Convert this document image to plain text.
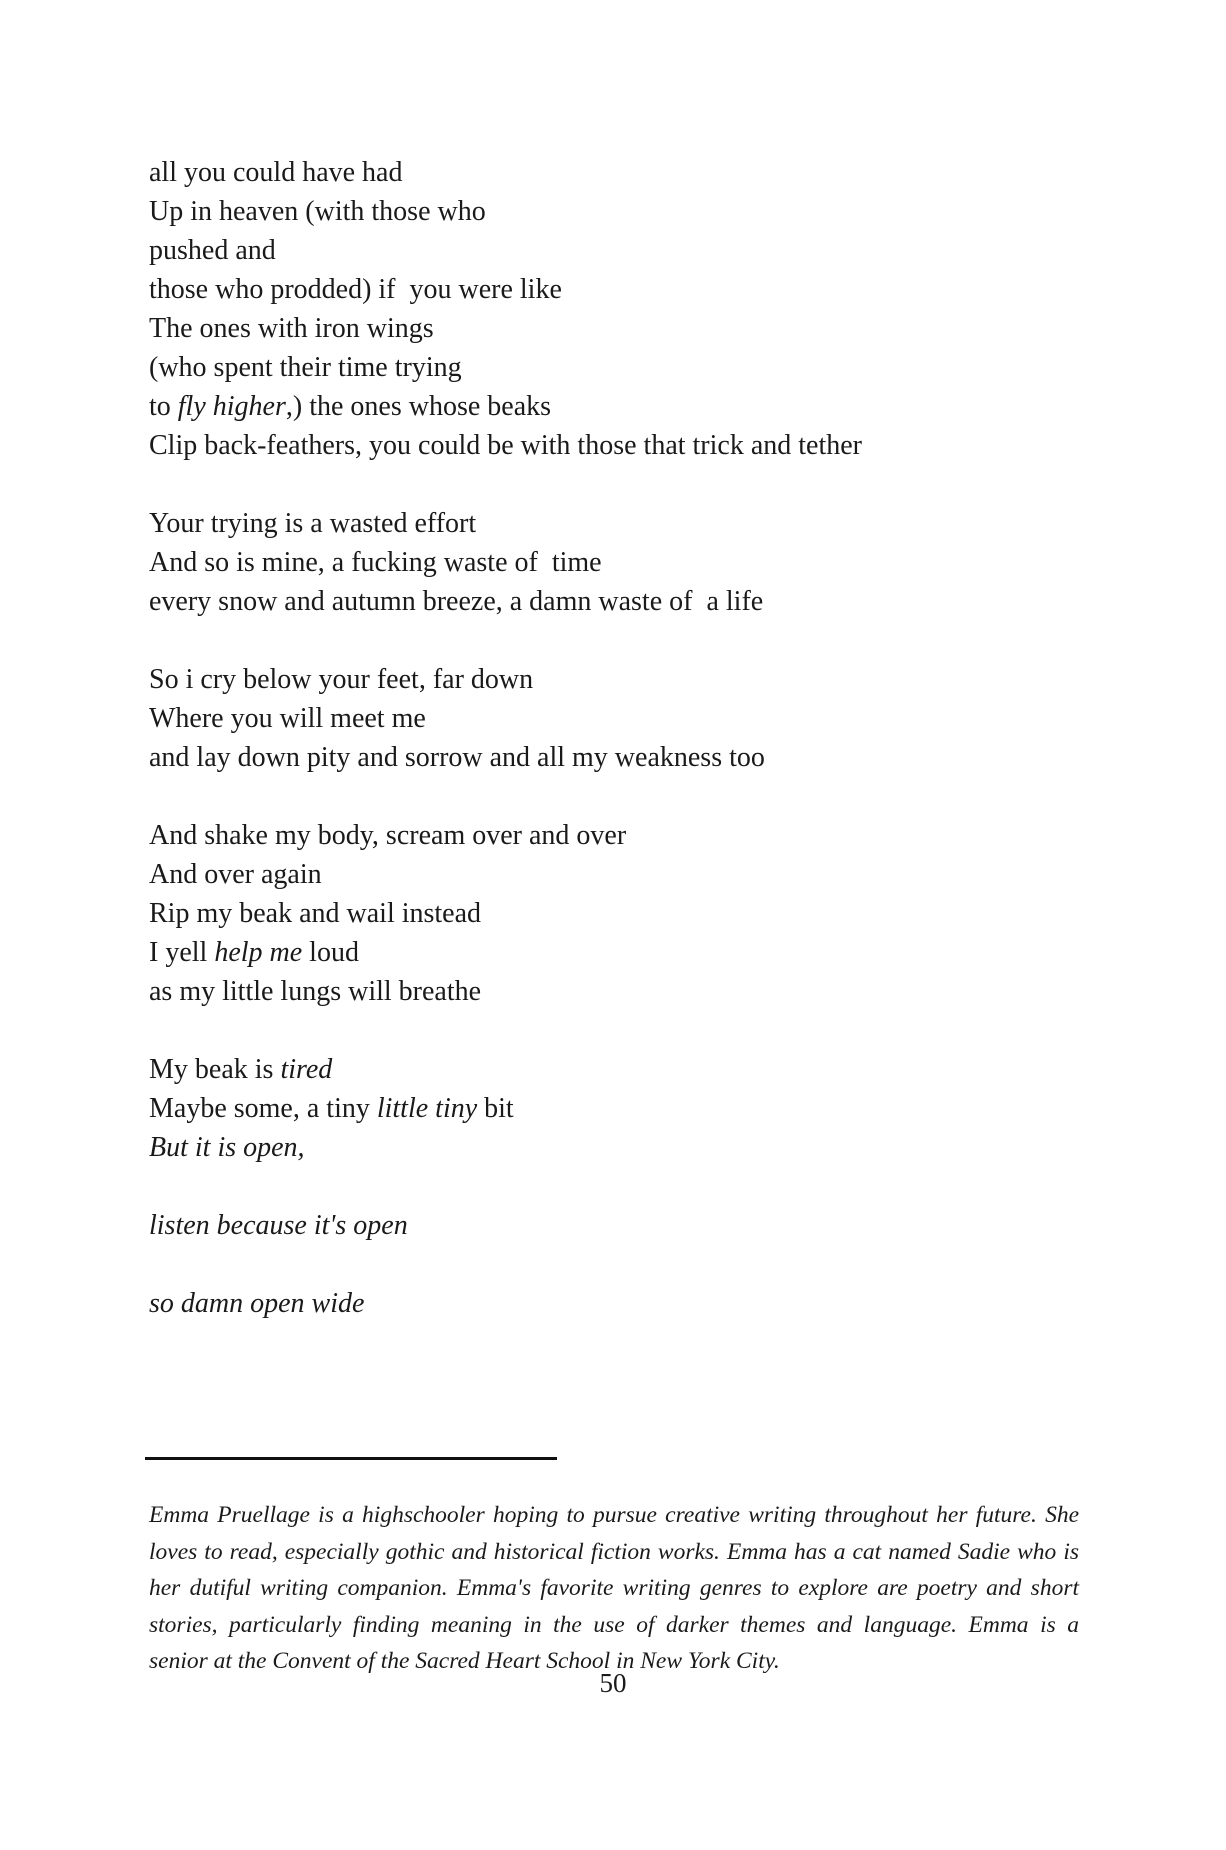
all you could have had
Up in heaven (with those who
pushed and
those who prodded) if  you were like
The ones with iron wings
(who spent their time trying
to fly higher,) the ones whose beaks
Clip back-feathers, you could be with those that trick and tether
Your trying is a wasted effort
And so is mine, a fucking waste of  time
every snow and autumn breeze, a damn waste of  a life
So i cry below your feet, far down
Where you will meet me
and lay down pity and sorrow and all my weakness too
And shake my body, scream over and over
And over again
Rip my beak and wail instead
I yell help me loud
as my little lungs will breathe
My beak is tired
Maybe some, a tiny little tiny bit
But it is open,
listen because it's open
so damn open wide
Emma Pruellage is a highschooler hoping to pursue creative writing throughout her future. She
loves to read, especially gothic and historical fiction works. Emma has a cat named Sadie who is
her dutiful writing companion. Emma's favorite writing genres to explore are poetry and short
stories, particularly finding meaning in the use of darker themes and language. Emma is a
senior at the Convent of the Sacred Heart School in New York City.
50
